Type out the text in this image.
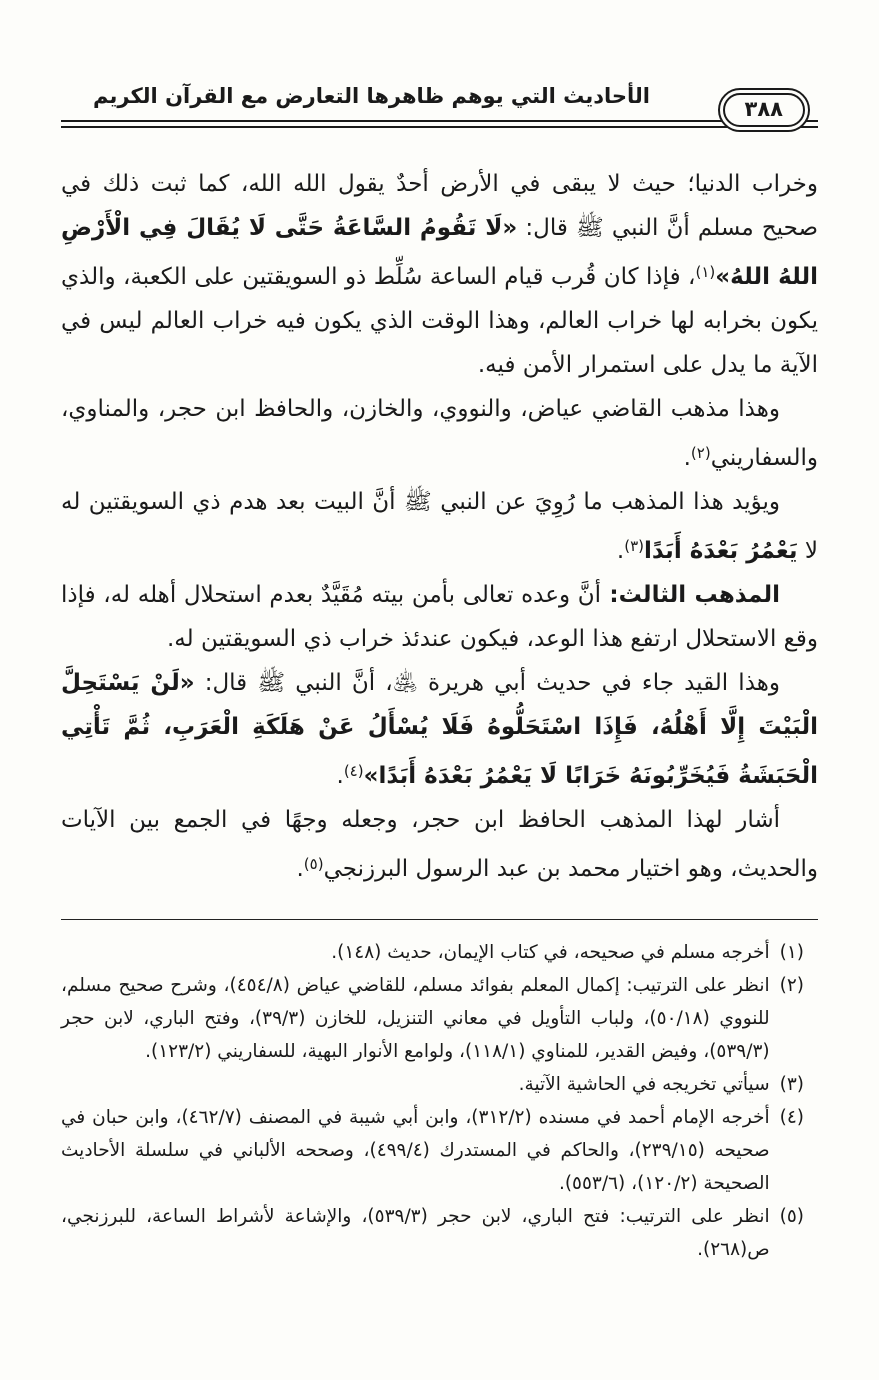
الأحاديث التي يوهم ظاهرها التعارض مع القرآن الكريم
٣٨٨

وخراب الدنيا؛ حيث لا يبقى في الأرض أحدٌ يقول الله الله، كما ثبت ذلك في صحيح مسلم أنَّ النبي ﷺ قال: «لَا تَقُومُ السَّاعَةُ حَتَّى لَا يُقَالَ فِي الْأَرْضِ اللهُ اللهُ»$^{(١)}$، فإذا كان قُرب قيام الساعة سُلِّط ذو السويقتين على الكعبة، والذي يكون بخرابه لها خراب العالم، وهذا الوقت الذي يكون فيه خراب العالم ليس في الآية ما يدل على استمرار الأمن فيه.

وهذا مذهب القاضي عياض، والنووي، والخازن، والحافظ ابن حجر، والمناوي، والسفاريني$^{(٢)}$.

ويؤيد هذا المذهب ما رُوِيَ عن النبي ﷺ أنَّ البيت بعد هدم ذي السويقتين له لا يَعْمُرُ بَعْدَهُ أَبَدًا$^{(٣)}$.

المذهب الثالث: أنَّ وعده تعالى بأمن بيته مُقَيَّدٌ بعدم استحلال أهله له، فإذا وقع الاستحلال ارتفع هذا الوعد، فيكون عندئذ خراب ذي السويقتين له.

وهذا القيد جاء في حديث أبي هريرة ﵁، أنَّ النبي ﷺ قال: «لَنْ يَسْتَحِلَّ الْبَيْتَ إِلَّا أَهْلُهُ، فَإِذَا اسْتَحَلُّوهُ فَلَا يُسْأَلُ عَنْ هَلَكَةِ الْعَرَبِ، ثُمَّ تَأْتِي الْحَبَشَةُ فَيُخَرِّبُونَهُ خَرَابًا لَا يَعْمُرُ بَعْدَهُ أَبَدًا»$^{(٤)}$.

أشار لهذا المذهب الحافظ ابن حجر، وجعله وجهًا في الجمع بين الآيات والحديث، وهو اختيار محمد بن عبد الرسول البرزنجي$^{(٥)}$.

(١)
أخرجه مسلم في صحيحه، في كتاب الإيمان، حديث (١٤٨).
(٢)
انظر على الترتيب: إكمال المعلم بفوائد مسلم، للقاضي عياض (٤٥٤/٨)، وشرح صحيح مسلم، للنووي (٥٠/١٨)، ولباب التأويل في معاني التنزيل، للخازن (٣٩/٣)، وفتح الباري، لابن حجر (٥٣٩/٣)، وفيض القدير، للمناوي (١١٨/١)، ولوامع الأنوار البهية، للسفاريني (١٢٣/٢).
(٣)
سيأتي تخريجه في الحاشية الآتية.
(٤)
أخرجه الإمام أحمد في مسنده (٣١٢/٢)، وابن أبي شيبة في المصنف (٤٦٢/٧)، وابن حبان في صحيحه (٢٣٩/١٥)، والحاكم في المستدرك (٤٩٩/٤)، وصححه الألباني في سلسلة الأحاديث الصحيحة (١٢٠/٢)، (٥٥٣/٦).
(٥)
انظر على الترتيب: فتح الباري، لابن حجر (٥٣٩/٣)، والإشاعة لأشراط الساعة، للبرزنجي، ص(٢٦٨).
